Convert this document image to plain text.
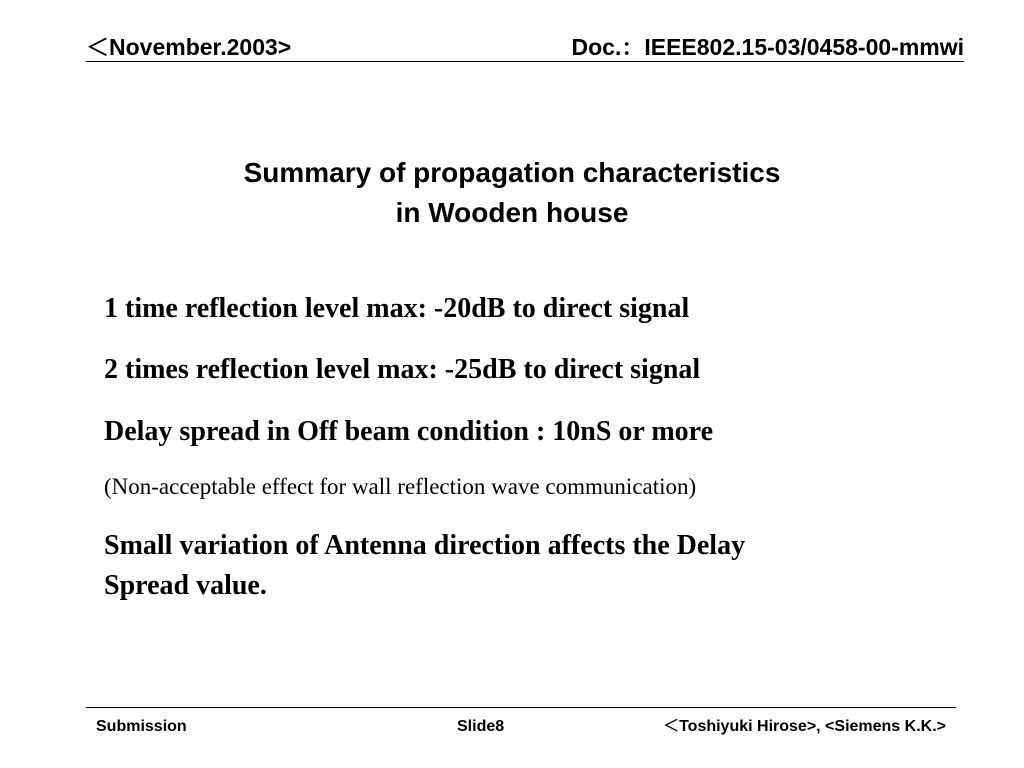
＜November.2003>	Doc.：IEEE802.15-03/0458-00-mmwi
Summary of propagation characteristics
in Wooden house
1 time reflection level max: -20dB to direct signal
2 times reflection level max: -25dB to direct signal
Delay spread in Off beam condition : 10nS or more
(Non-acceptable effect for wall reflection wave communication)
Small variation of Antenna direction affects the Delay
Spread value.
Submission	Slide8	＜Toshiyuki Hirose>, <Siemens K.K.>
